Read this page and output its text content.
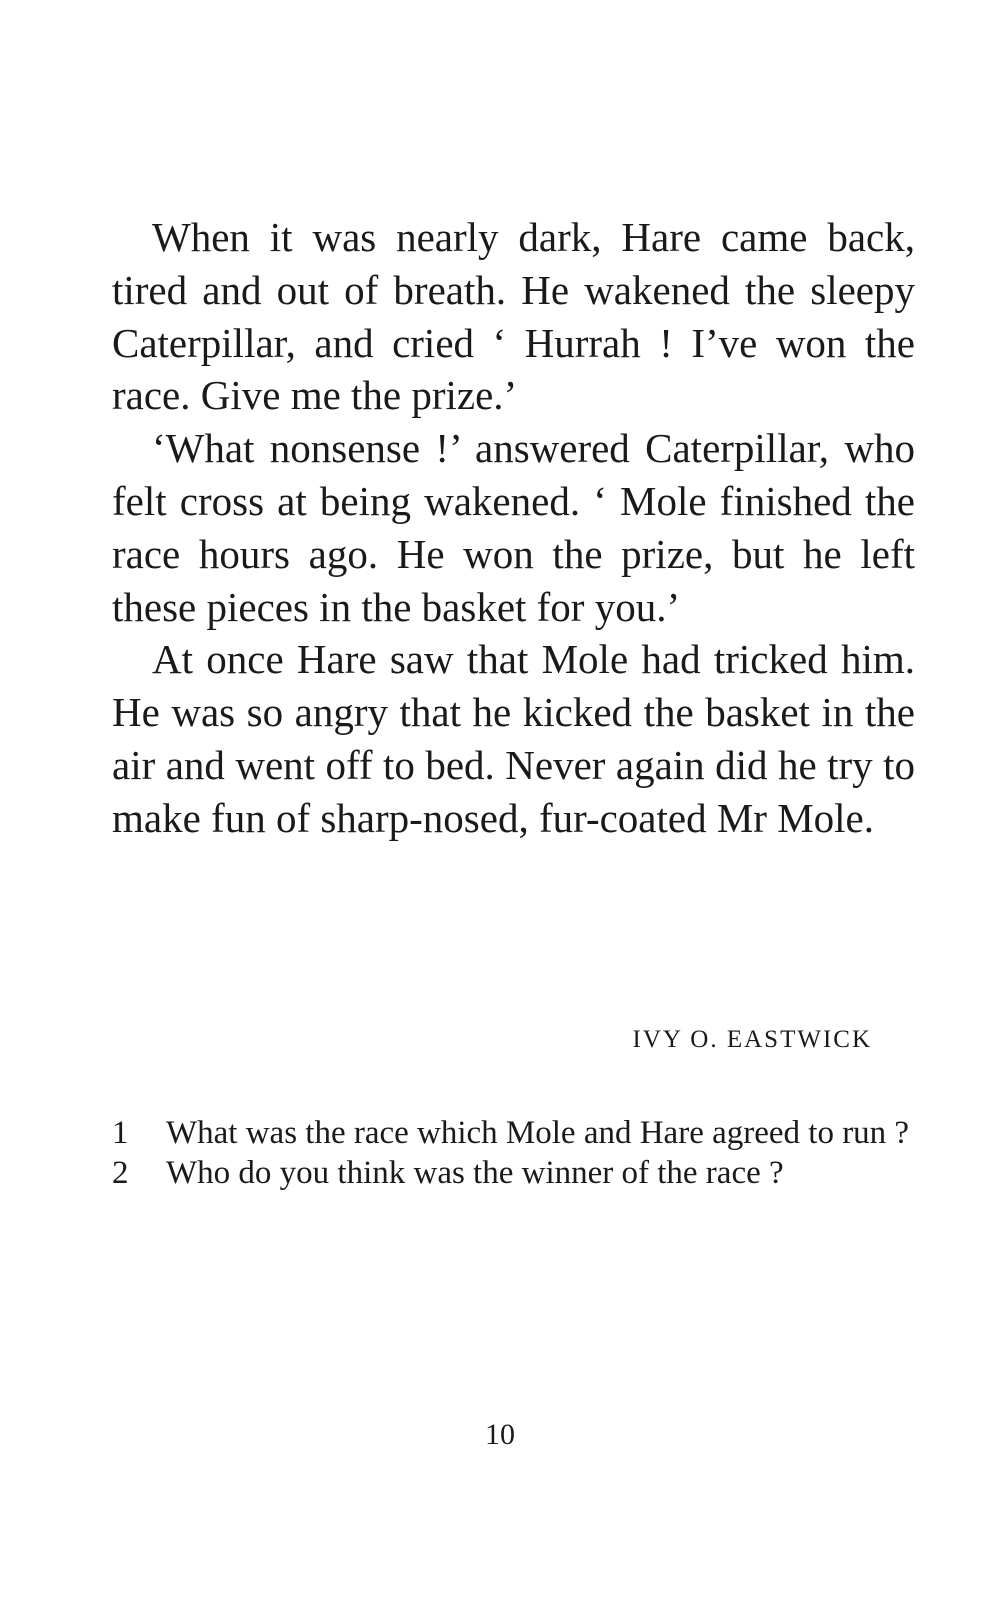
When it was nearly dark, Hare came back, tired and out of breath. He wakened the sleepy Caterpillar, and cried ‘ Hurrah ! I’ve won the race. Give me the prize.’

‘What nonsense !’ answered Caterpillar, who felt cross at being wakened. ‘ Mole finished the race hours ago. He won the prize, but he left these pieces in the basket for you.’

At once Hare saw that Mole had tricked him. He was so angry that he kicked the basket in the air and went off to bed. Never again did he try to make fun of sharp-nosed, fur-coated Mr Mole.

IVY O. EASTWICK

1 What was the race which Mole and Hare agreed to run ?
2 Who do you think was the winner of the race ?

10
